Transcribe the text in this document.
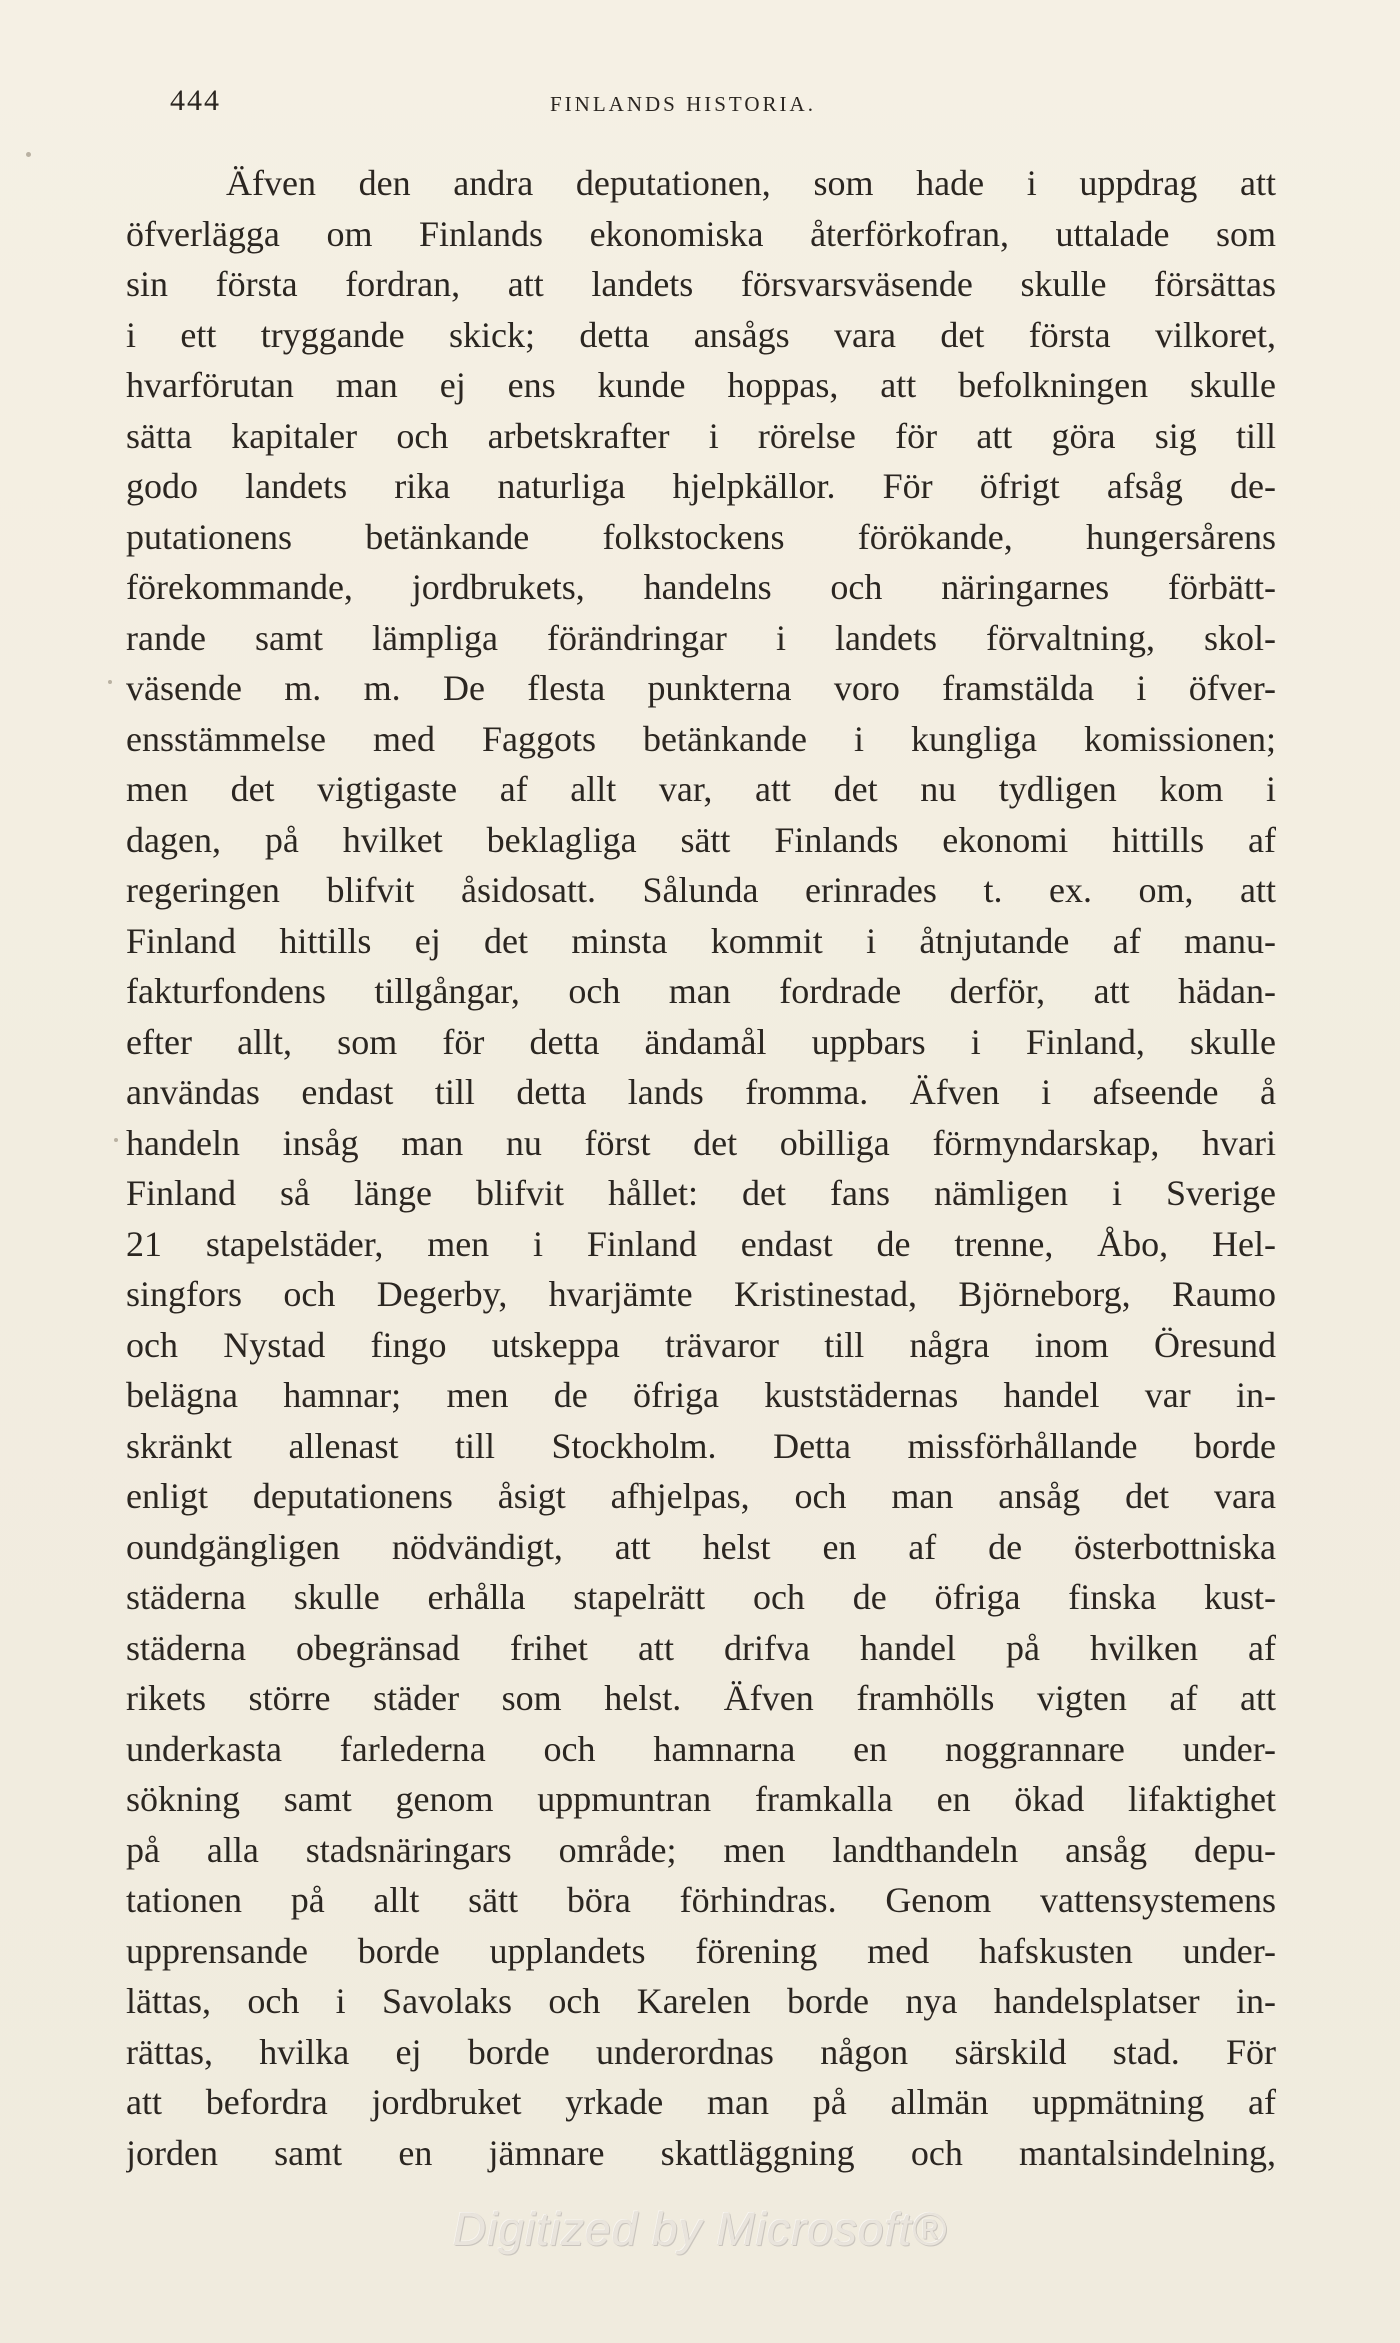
444	FINLANDS HISTORIA.
Äfven den andra deputationen, som hade i uppdrag att
öfverlägga om Finlands ekonomiska återförkofran, uttalade som
sin första fordran, att landets försvarsväsende skulle försättas
i ett tryggande skick; detta ansågs vara det första vilkoret,
hvarförutan man ej ens kunde hoppas, att befolkningen skulle
sätta kapitaler och arbetskrafter i rörelse för att göra sig till
godo landets rika naturliga hjelpkällor. För öfrigt afsåg de-
putationens betänkande folkstockens förökande, hungersårens
förekommande, jordbrukets, handelns och näringarnes förbätt-
rande samt lämpliga förändringar i landets förvaltning, skol-
väsende m. m. De flesta punkterna voro framstälda i öfver-
ensstämmelse med Faggots betänkande i kungliga komissionen;
men det vigtigaste af allt var, att det nu tydligen kom i
dagen, på hvilket beklagliga sätt Finlands ekonomi hittills af
regeringen blifvit åsidosatt. Sålunda erinrades t. ex. om, att
Finland hittills ej det minsta kommit i åtnjutande af manu-
fakturfondens tillgångar, och man fordrade derför, att hädan-
efter allt, som för detta ändamål uppbars i Finland, skulle
användas endast till detta lands fromma. Äfven i afseende å
handeln insåg man nu först det obilliga förmyndarskap, hvari
Finland så länge blifvit hållet: det fans nämligen i Sverige
21 stapelstäder, men i Finland endast de trenne, Åbo, Hel-
singfors och Degerby, hvarjämte Kristinestad, Björneborg, Raumo
och Nystad fingo utskeppa trävaror till några inom Öresund
belägna hamnar; men de öfriga kuststädernas handel var in-
skränkt allenast till Stockholm. Detta missförhållande borde
enligt deputationens åsigt afhjelpas, och man ansåg det vara
oundgängligen nödvändigt, att helst en af de österbottniska
städerna skulle erhålla stapelrätt och de öfriga finska kust-
städerna obegränsad frihet att drifva handel på hvilken af
rikets större städer som helst. Äfven framhölls vigten af att
underkasta farlederna och hamnarna en noggrannare under-
sökning samt genom uppmuntran framkalla en ökad lifaktighet
på alla stadsnäringars område; men landthandeln ansåg depu-
tationen på allt sätt böra förhindras. Genom vattensystemens
upprensande borde upplandets förening med hafskusten under-
lättas, och i Savolaks och Karelen borde nya handelsplatser in-
rättas, hvilka ej borde underordnas någon särskild stad. För
att befordra jordbruket yrkade man på allmän uppmätning af
jorden samt en jämnare skattläggning och mantalsindelning,
Digitized by Microsoft®
